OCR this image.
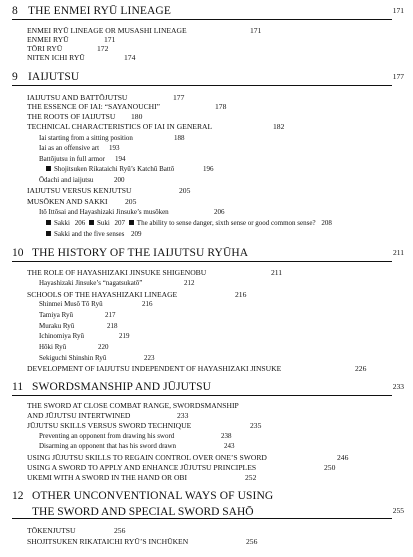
8 THE ENMEI RYŪ LINEAGE	171
ENMEI RYŪ LINEAGE OR MUSASHI LINEAGE	171
ENMEI RYŪ	171
TŌRI RYŪ	172
NITEN ICHI RYŪ	174
9 IAIJUTSU	177
IAIJUTSU AND BATTŌJUTSU	177
THE ESSENCE OF IAI: “SAYANOUCHI”	178
THE ROOTS OF IAIJUTSU 180
TECHNICAL CHARACTERISTICS OF IAI IN GENERAL	182
Iai starting from a sitting position	188
Iai as an offensive art 193
Battōjutsu in full armor 194
Shojitsuken Rikataichi Ryū’s Katchū Battō	196
Ōdachi and iaijutsu	200
IAIJUTSU VERSUS KENJUTSU	205
MUSŌKEN AND SAKKI 205
Itō Ittōsai and Hayashizaki Jinsuke’s musōken	206
Sakki 206 Suki 207 The ability to sense danger, sixth sense or good common sense? 208
Sakki and the five senses 209
10 THE HISTORY OF THE IAIJUTSU RYŪHA	211
THE ROLE OF HAYASHIZAKI JINSUKE SHIGENOBU	211
Hayashizaki Jinsuke’s “nagatsukatō”	212
SCHOOLS OF THE HAYASHIZAKI LINEAGE	216
Shinmei Musō Tō Ryū	216
Tamiya Ryū	217
Muraku Ryū	218
Ichinomiya Ryū	219
Hōki Ryū	220
Sekiguchi Shinshin Ryū	223
DEVELOPMENT OF IAIJUTSU INDEPENDENT OF HAYASHIZAKI JINSUKE	226
11 SWORDSMANSHIP AND JŪJUTSU	233
THE SWORD AT CLOSE COMBAT RANGE, SWORDSMANSHIP
AND JŪJUTSU INTERTWINED	233
JŪJUTSU SKILLS VERSUS SWORD TECHNIQUE	235
Preventing an opponent from drawing his sword	238
Disarming an opponent that has his sword drawn	243
USING JŪJUTSU SKILLS TO REGAIN CONTROL OVER ONE’S SWORD	246
USING A SWORD TO APPLY AND ENHANCE JŪJUTSU PRINCIPLES	250
UKEMI WITH A SWORD IN THE HAND OR OBI	252
12 OTHER UNCONVENTIONAL WAYS OF USING
THE SWORD AND SPECIAL SWORD SAHŌ	255
TŌKENJUTSU	256
SHOJITSUKEN RIKATAICHI RYŪ’S INCHŪKEN	256
